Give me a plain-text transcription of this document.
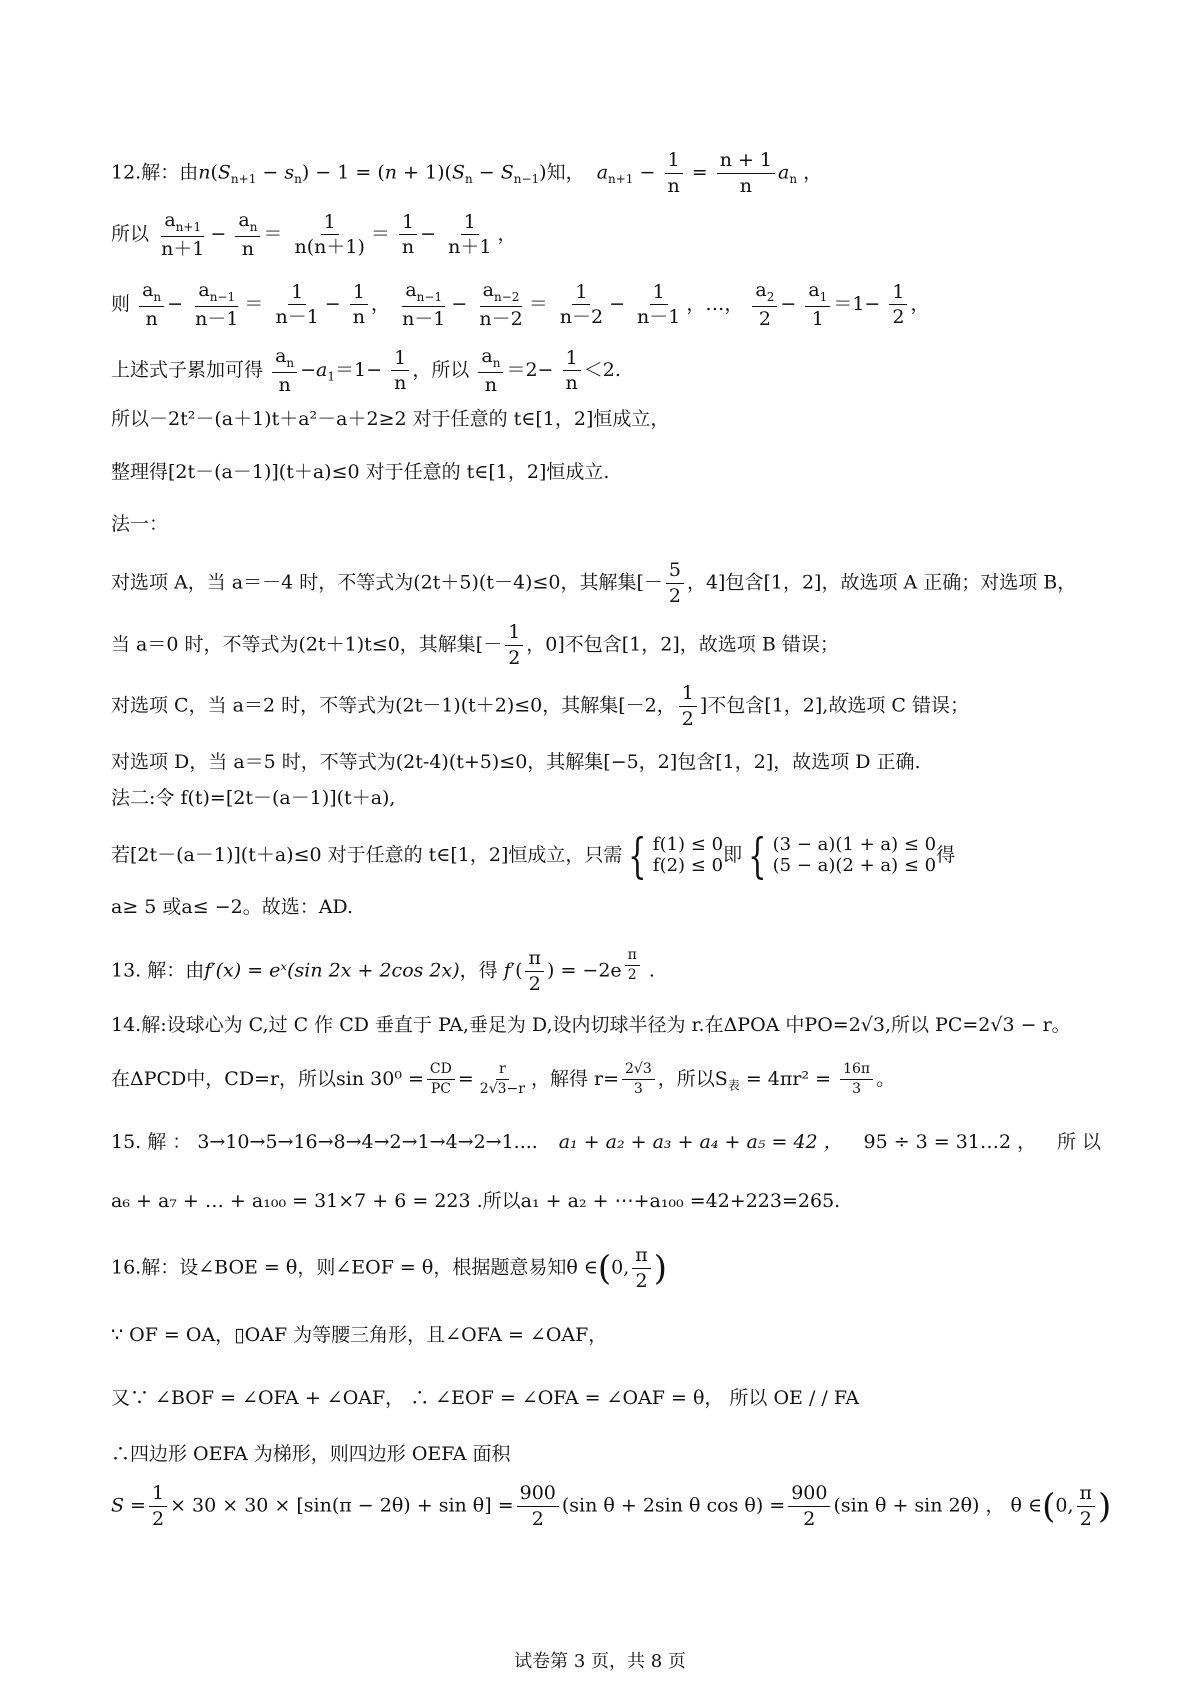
12.解：由$n(S_{n+1} - s_n) - 1 = (n + 1)(S_n - S_{n-1})$知， $a_{n+1} - \frac{1}{n} = \frac{n + 1}{n} a_n$ ，
所以 $\frac{a_{n+1}}{n+1} - \frac{a_n}{n} = \frac{1}{n(n+1)} = \frac{1}{n} - \frac{1}{n+1}$ ，
则 $\frac{a_n}{n} - \frac{a_{n-1}}{n-1} = \frac{1}{n-1} - \frac{1}{n}$ ， $\frac{a_{n-1}}{n-1} - \frac{a_{n-2}}{n-2} = \frac{1}{n-2} - \frac{1}{n-1}$ ，…， $\frac{a_2}{2} - \frac{a_1}{1} =1- \frac{1}{2}$ ，
上述式子累加可得 $\frac{a_n}{n} -a_1=1- \frac{1}{n}$ ，所以 $\frac{a_n}{n} =2- \frac{1}{n} <2$.
所以－2t²－(a＋1)t＋a²－a＋2≥2 对于任意的 t∈[1，2]恒成立，
整理得[2t－(a－1)](t＋a)≤0 对于任意的 t∈[1，2]恒成立.
法一：
对选项 A，当 a＝－4 时，不等式为(2t＋5)(t－4)≤0，其解集[－ $\frac{5}{2}$ ，4]包含[1，2]，故选项 A 正确；对选项 B，
当 a＝0 时，不等式为(2t＋1)t≤0，其解集[－ $\frac{1}{2}$ ，0]不包含[1，2]，故选项 B 错误；
对选项 C，当 a＝2 时，不等式为(2t－1)(t＋2)≤0，其解集[－2， $\frac{1}{2}$ ]不包含[1，2],故选项 C 错误；
对选项 D，当 a＝5 时，不等式为(2t-4)(t+5)≤0，其解集[−5，2]包含[1，2]，故选项 D 正确.
法二:令 f(t)=[2t－(a－1)](t＋a),
若[2t－(a－1)](t＋a)≤0 对于任意的 t∈[1，2]恒成立，只需 { f(1) ≤ 0
f(2) ≤ 0 即 { (3 − a)(1 + a) ≤ 0
(5 − a)(2 + a) ≤ 0 得
a≥ 5 或a≤ −2。故选：AD.
13. 解：由f′(x) = eˣ(sin 2x + 2cos 2x)，得 $f'( \frac{\pi}{2}$ ) = −2e $^{\frac{\pi}{2}}$ .
14.解:设球心为 C,过 C 作 CD 垂直于 PA,垂足为 D,设内切球半径为 r.在ΔPOA 中PO=2√3,所以 PC=2√3 − r。
在ΔPCD中，CD=r，所以$\sin 30^0 = \frac{CD}{PC} = \frac{r}{2√3-r}$ ，解得 $r= \frac{2√3}{3}$ ，所以$S_表 = 4\pi r^2 = \frac{16\pi}{3}$ 。
15. 解 ： 3→10→5→16→8→4→2→1→4→2→1.... a₁ + a₂ + a₃ + a₄ + a₅ = 42 ， 95 ÷ 3 = 31…2 ， 所 以
a₆ + a₇ + … + a₁₀₀ = 31×7 + 6 = 223 .所以a₁ + a₂ + ⋯+a₁₀₀ =42+223=265.
16.解：设∠BOE = θ，则∠EOF = θ，根据题意易知θ ∈(0, $\frac{\pi}{2}$ )
∵ OF = OA，▯OAF 为等腰三角形，且∠OFA = ∠OAF，
又∵ ∠BOF = ∠OFA + ∠OAF， ∴ ∠EOF = ∠OFA = ∠OAF = θ， 所以 OE / / FA
∴四边形 OEFA 为梯形，则四边形 OEFA 面积
$S = \frac{1}{2} \times 30 \times 30 \times [\sin(\pi - 2\theta) + \sin \theta] = \frac{900}{2} (\sin$ θ + 2sin θ $\cos \theta) = \frac{900}{2} (\sin$ θ + sin 2θ) ， θ ∈(0, $\frac{\pi}{2}$ )
试卷第 3 页，共 8 页
